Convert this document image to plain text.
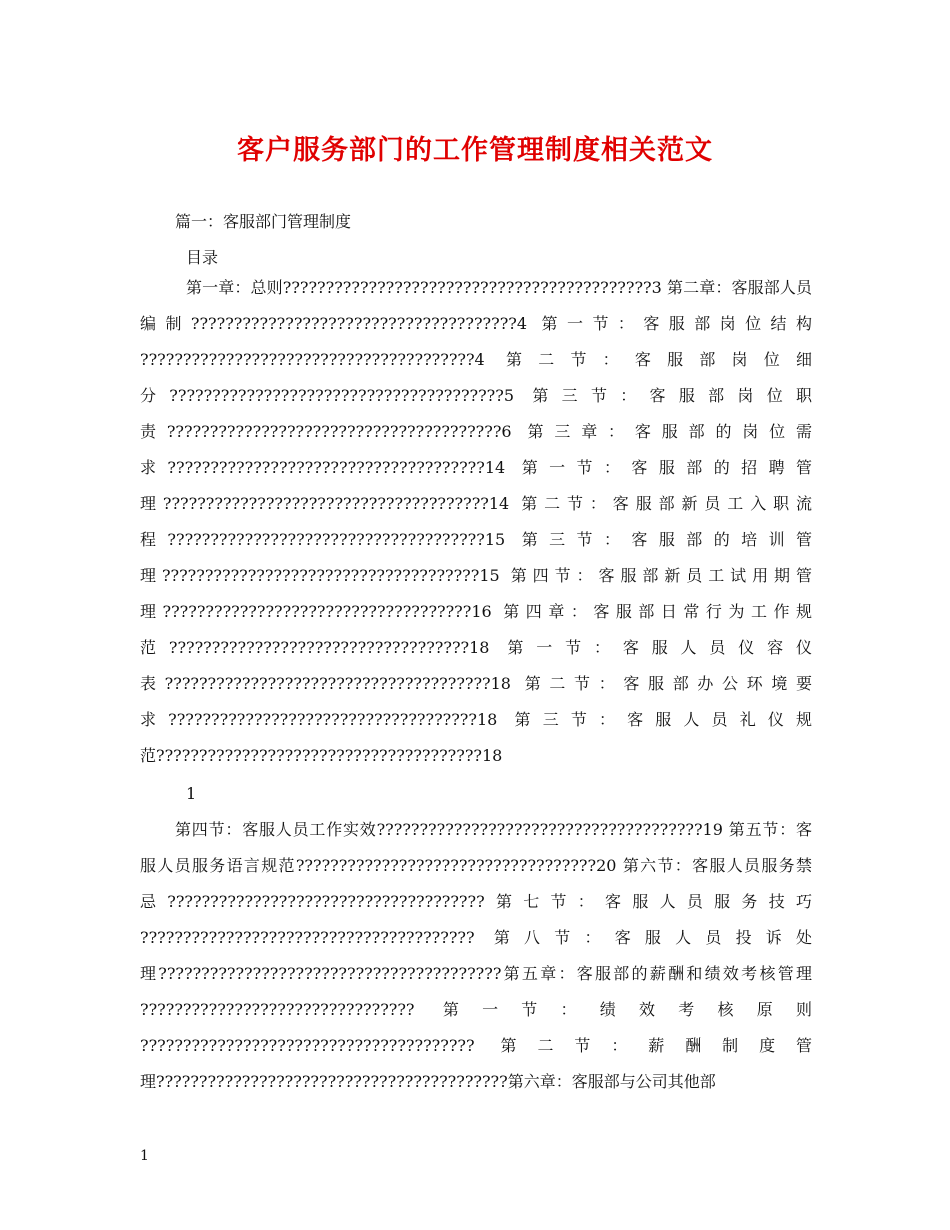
客户服务部门的工作管理制度相关范文

篇一：客服部门管理制度

目录

第一章：总则???????????????????????????????????????????3 第二章：客服部人员编制??????????????????????????????????????4 第一节：客服部岗位结构 ???????????????????????????????????????4 第二节：客服部岗位细分???????????????????????????????????????5 第三节：客服部岗位职责???????????????????????????????????????6 第三章：客服部的岗位需求?????????????????????????????????????14 第一节：客服部的招聘管理??????????????????????????????????????14 第二节：客服部新员工入职流程?????????????????????????????????????15 第三节：客服部的培训管理?????????????????????????????????????15 第四节：客服部新员工试用期管理????????????????????????????????????16 第四章：客服部日常行为工作规范???????????????????????????????????18 第一节：客服人员仪容仪表??????????????????????????????????????18 第二节：客服部办公环境要求????????????????????????????????????18 第三节：客服人员礼仪规范??????????????????????????????????????18

1

第四节：客服人员工作实效??????????????????????????????????????19 第五节：客服人员服务语言规范???????????????????????????????????20 第六节：客服人员服务禁忌?????????????????????????????????????第七节：客服人员服务技巧 ??????????????????????????????????????? 第八节：客服人员投诉处理????????????????????????????????????????第五章：客服部的薪酬和绩效考核管理 ???????????????????????????????? 第一节：绩效考核原则 ??????????????????????????????????????? 第二节：薪酬制度管理?????????????????????????????????????????第六章：客服部与公司其他部

1
